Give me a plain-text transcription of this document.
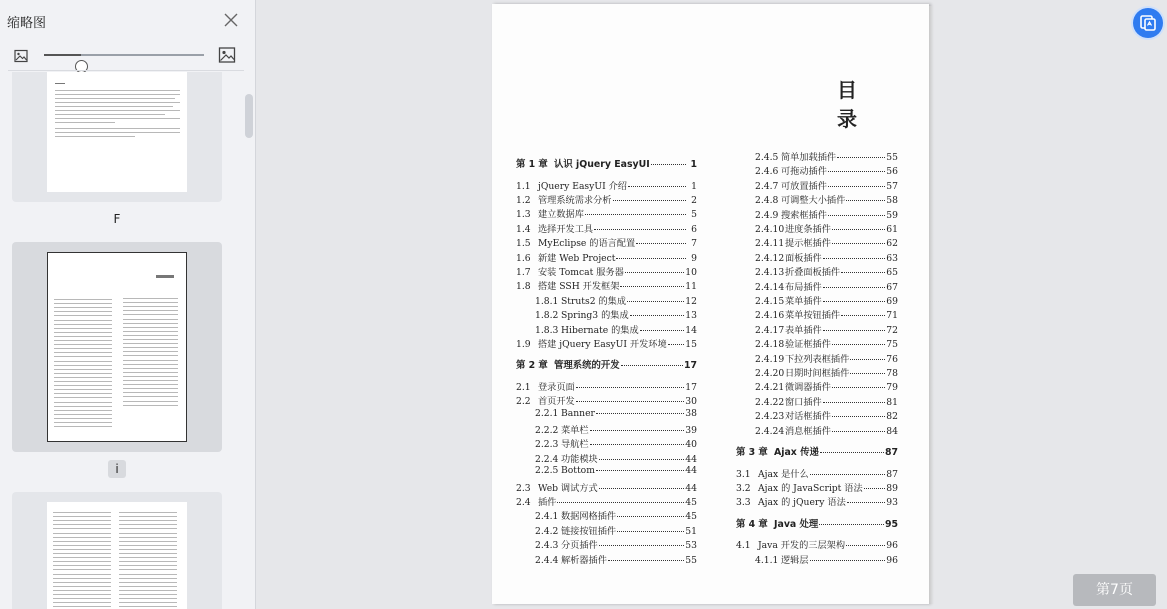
缩略图
F
i
目 录
第 1 章 认识 jQuery EasyUI	1
1.1 jQuery EasyUI 介绍	1
1.2 管理系统需求分析	2
1.3 建立数据库	5
1.4 选择开发工具	6
1.5 MyEclipse 的语言配置	7
1.6 新建 Web Project	9
1.7 安装 Tomcat 服务器	10
1.8 搭建 SSH 开发框架	11
1.8.1 Struts2 的集成	12
1.8.2 Spring3 的集成	13
1.8.3 Hibernate 的集成	14
1.9 搭建 jQuery EasyUI 开发环境 15
第 2 章 管理系统的开发	17
2.1 登录页面	17
2.2 首页开发	30
2.2.1 Banner	38
2.2.2 菜单栏	39
2.2.3 导航栏	40
2.2.4 功能模块	44
2.2.5 Bottom	44
2.3 Web 调试方式	44
2.4 插件	45
2.4.1 数据网格插件	45
2.4.2 链接按钮插件	51
2.4.3 分页插件	53
2.4.4 解析器插件	55
2.4.5 简单加载插件	55
2.4.6 可拖动插件	56
2.4.7 可放置插件	57
2.4.8 可调整大小插件	58
2.4.9 搜索框插件	59
2.4.10 进度条插件	61
2.4.11 提示框插件	62
2.4.12 面板插件	63
2.4.13 折叠面板插件	65
2.4.14 布局插件	67
2.4.15 菜单插件	69
2.4.16 菜单按钮插件	71
2.4.17 表单插件	72
2.4.18 验证框插件	75
2.4.19 下拉列表框插件	76
2.4.20 日期时间框插件	78
2.4.21 微调器插件	79
2.4.22 窗口插件	81
2.4.23 对话框插件	82
2.4.24 消息框插件	84
第 3 章 Ajax 传递	87
3.1 Ajax 是什么	87
3.2 Ajax 的 JavaScript 语法	89
3.3 Ajax 的 jQuery 语法	93
第 4 章 Java 处理	95
4.1 Java 开发的三层架构	96
4.1.1 逻辑层	96
第7页
